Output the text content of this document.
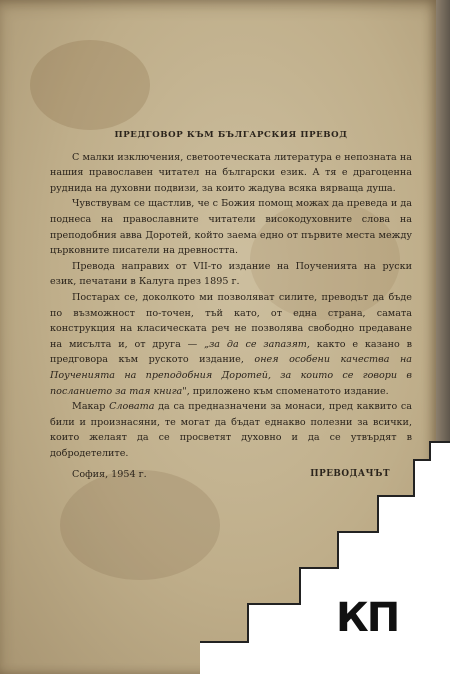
ПРЕДГОВОР КЪМ БЪЛГАРСКИЯ ПРЕВОД

С малки изключения, светоотеческата литература е непозната на нашия православен читател на български език. А тя е драгоценна руднида на духовни подвизи, за които жадува всяка вярваща душа.

Чувствувам се щастлив, че с Божия помощ можах да преведа и да поднеса на православните читатели високодуховните слова на преподобния авва Доротей, който заема едно от първите места между църковните писатели на древността.

Превода направих от VII-то издание на Поученията на руски език, печатани в Калуга през 1895 г.

Постарах се, доколкото ми позволяват силите, преводът да бъде по възможност по-точен, тъй като, от една страна, самата конструкция на класическата реч не позволява свободно предаване на мисълта и, от друга — „за да се запазят, както е казано в предговора към руското издание, онея особени качества на Поученията на преподобния Доротей, за които се говори в посланието за тая книга", приложено към споменатото издание.

Макар Словата да са предназначени за монаси, пред каквито са били и произнасяни, те могат да бъдат еднакво полезни за всички, които желаят да се просветят духовно и да се утвърдят в добродетелите.

София, 1954 г.	ПРЕВОДАЧЪТ
КП
